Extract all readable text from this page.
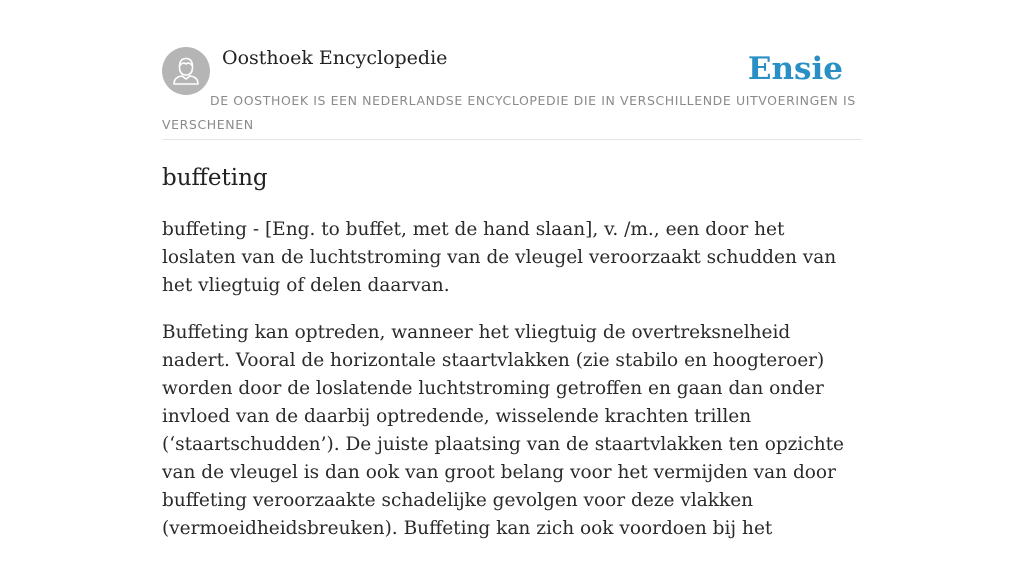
Oosthoek Encyclopedie	Ensie
DE OOSTHOEK IS EEN NEDERLANDSE ENCYCLOPEDIE DIE IN VERSCHILLENDE UITVOERINGEN IS VERSCHENEN
buffeting

buffeting - [Eng. to buffet, met de hand slaan], v. /m., een door het loslaten van de luchtstroming van de vleugel veroorzaakt schudden van het vliegtuig of delen daarvan.

Buffeting kan optreden, wanneer het vliegtuig de overtreksnelheid nadert. Vooral de horizontale staartvlakken (zie stabilo en hoogteroer) worden door de loslatende luchtstroming getroffen en gaan dan onder invloed van de daarbij optredende, wisselende krachten trillen (‘staartschudden’). De juiste plaatsing van de staartvlakken ten opzichte van de vleugel is dan ook van groot belang voor het vermijden van door buffeting veroorzaakte schadelijke gevolgen voor deze vlakken (vermoeidheidsbreuken). Buffeting kan zich ook voordoen bij het
